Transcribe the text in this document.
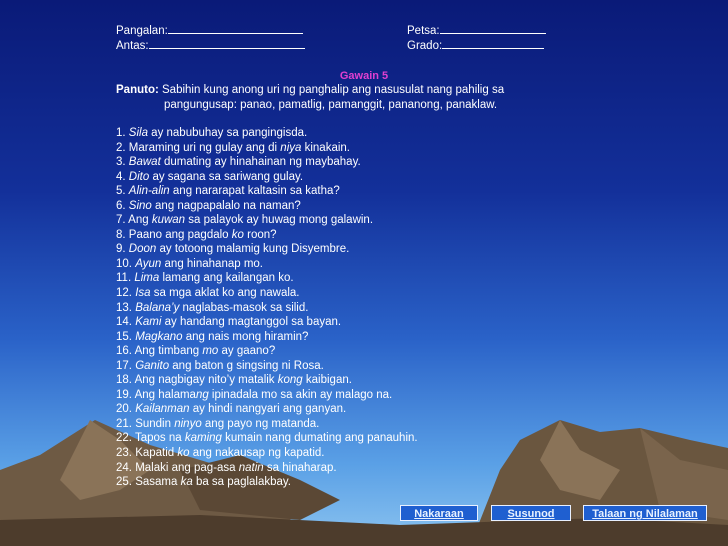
Pangalan:	Petsa:
Antas:	Grado:
Gawain 5
Panuto: Sabihin kung anong uri ng panghalip ang nasusulat nang pahilig sa
pangungusap: panao, pamatlig, pamanggit, pananong, panaklaw.
1. Sila ay nabubuhay sa pangingisda.
2. Maraming uri ng gulay ang di niya kinakain.
3. Bawat dumating ay hinahainan ng maybahay.
4. Dito ay sagana sa sariwang gulay.
5. Alin-alin ang nararapat kaltasin sa katha?
6. Sino ang nagpapalalo na naman?
7. Ang kuwan sa palayok ay huwag mong galawin.
8. Paano ang pagdalo ko roon?
9. Doon ay totoong malamig kung Disyembre.
10. Ayun ang hinahanap mo.
11. Lima lamang ang kailangan ko.
12. Isa sa mga aklat ko ang nawala.
13. Balana’y naglabas-masok sa silid.
14. Kami ay handang magtanggol sa bayan.
15. Magkano ang nais mong hiramin?
16. Ang timbang mo ay gaano?
17. Ganito ang baton g singsing ni Rosa.
18. Ang nagbigay nito’y matalik kong kaibigan.
19. Ang halamang ipinadala mo sa akin ay malago na.
20. Kailanman ay hindi nangyari ang ganyan.
21. Sundin ninyo ang payo ng matanda.
22. Tapos na kaming kumain nang dumating ang panauhin.
23. Kapatid ko ang nakausap ng kapatid.
24. Malaki ang pag-asa natin sa hinaharap.
25. Sasama ka ba sa paglalakbay.
Nakaraan	Susunod	Talaan ng Nilalaman
